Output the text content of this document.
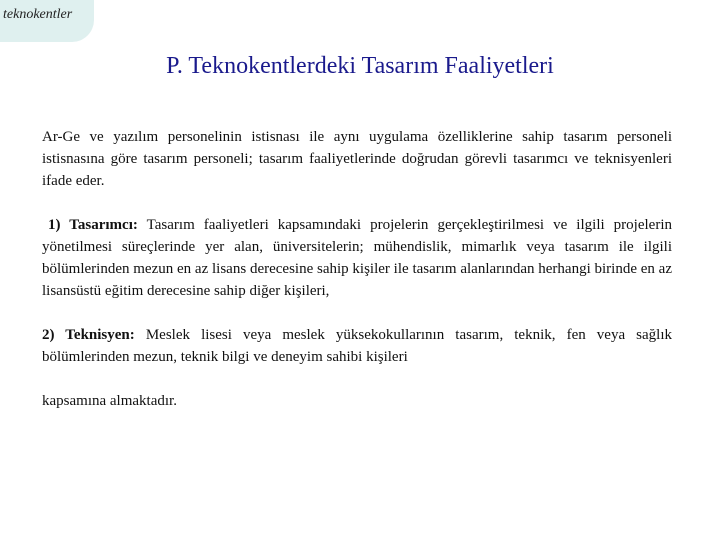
teknokentler
P. Teknokentlerdeki Tasarım Faaliyetleri

Ar-Ge ve yazılım personelinin istisnası ile aynı uygulama özelliklerine sahip tasarım personeli istisnasına göre tasarım personeli; tasarım faaliyetlerinde doğrudan görevli tasarımcı ve teknisyenleri ifade eder.

1) Tasarımcı: Tasarım faaliyetleri kapsamındaki projelerin gerçekleştirilmesi ve ilgili projelerin yönetilmesi süreçlerinde yer alan, üniversitelerin; mühendislik, mimarlık veya tasarım ile ilgili bölümlerinden mezun en az lisans derecesine sahip kişiler ile tasarım alanlarından herhangi birinde en az lisansüstü eğitim derecesine sahip diğer kişileri,

2) Teknisyen: Meslek lisesi veya meslek yüksekokullarının tasarım, teknik, fen veya sağlık bölümlerinden mezun, teknik bilgi ve deneyim sahibi kişileri

kapsamına almaktadır.
